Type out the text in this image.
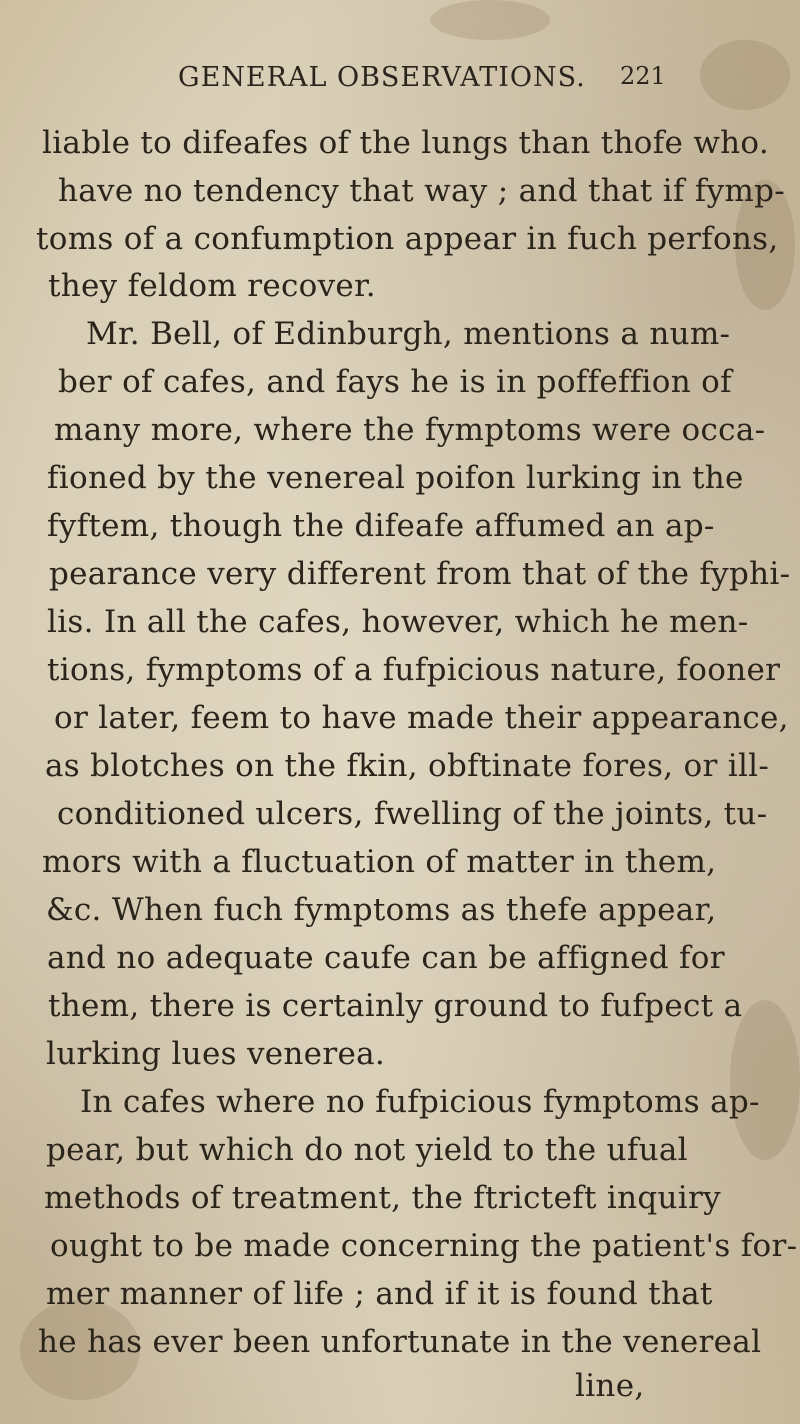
GENERAL OBSERVATIONS. 221
liable to difeafes of the lungs than thofe who.
have no tendency that way ; and that if fymp-
toms of a confumption appear in fuch perfons,
they feldom recover.
Mr. Bell, of Edinburgh, mentions a num-
ber of cafes, and fays he is in poffeffion of
many more, where the fymptoms were occa-
fioned by the venereal poifon lurking in the
fyftem, though the difeafe affumed an ap-
pearance very different from that of the fyphi-
lis. In all the cafes, however, which he men-
tions, fymptoms of a fufpicious nature, fooner
or later, feem to have made their appearance,
as blotches on the fkin, obftinate fores, or ill-
conditioned ulcers, fwelling of the joints, tu-
mors with a fluctuation of matter in them,
&c. When fuch fymptoms as thefe appear,
and no adequate caufe can be affigned for
them, there is certainly ground to fufpect a
lurking lues venerea.
In cafes where no fufpicious fymptoms ap-
pear, but which do not yield to the ufual
methods of treatment, the ftricteft inquiry
ought to be made concerning the patient's for-
mer manner of life ; and if it is found that
he has ever been unfortunate in the venereal
line,
